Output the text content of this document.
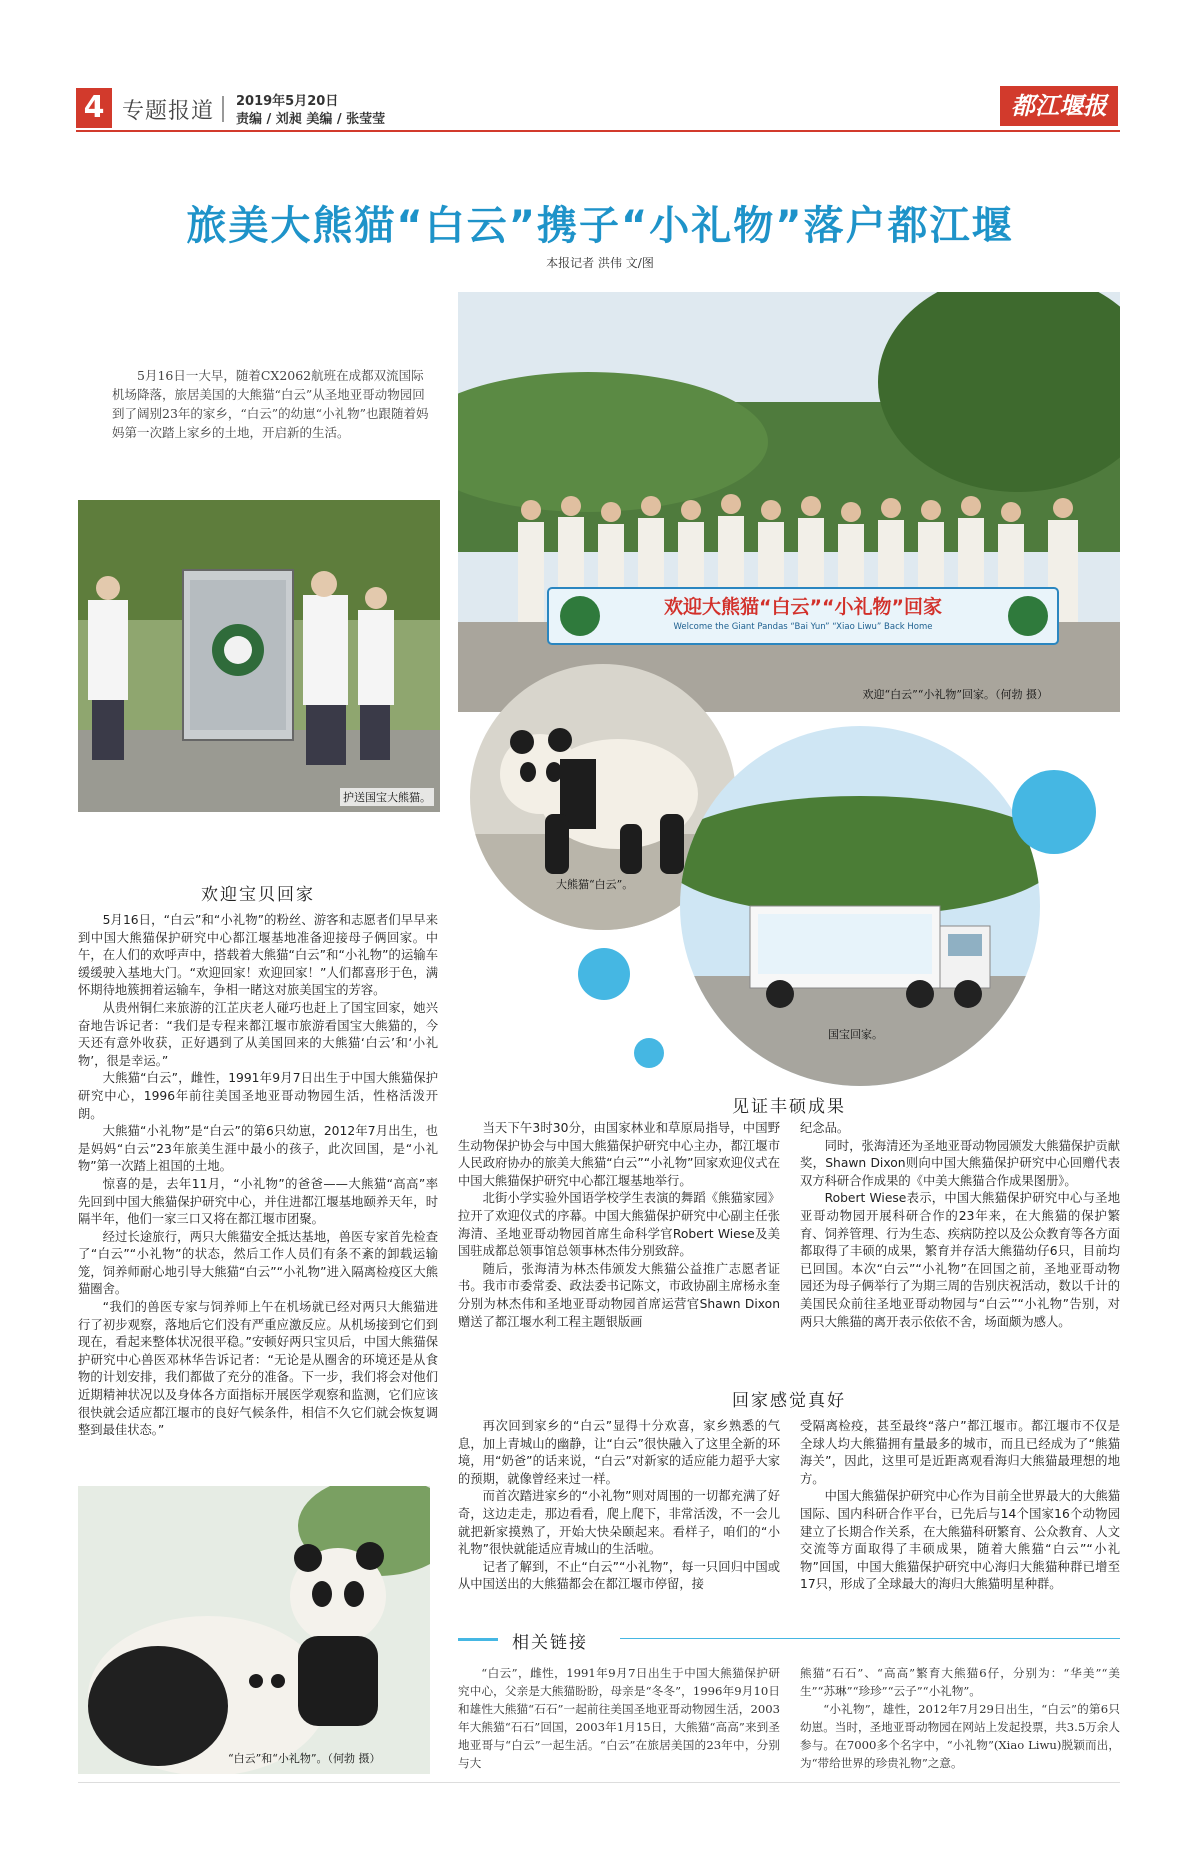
4 专题报道 2019年5月20日
责编 / 刘昶 美编 / 张莹莹	都江堰报
旅美大熊猫“白云”携子“小礼物”落户都江堰
本报记者 洪伟 文/图
5月16日一大早，随着CX2062航班在成都双流国际机场降落，旅居美国的大熊猫“白云”从圣地亚哥动物园回到了阔别23年的家乡，“白云”的幼崽“小礼物”也跟随着妈妈第一次踏上家乡的土地，开启新的生活。
护送国宝大熊猫。
欢迎大熊猫“白云”“小礼物”回家
Welcome the Giant Pandas “Bai Yun” “Xiao Liwu” Back Home
欢迎“白云”“小礼物”回家。（何勃 摄）
大熊猫“白云”。
国宝回家。
欢迎宝贝回家

5月16日，“白云”和“小礼物”的粉丝、游客和志愿者们早早来到中国大熊猫保护研究中心都江堰基地准备迎接母子俩回家。中午，在人们的欢呼声中，搭载着大熊猫“白云”和“小礼物”的运输车缓缓驶入基地大门。“欢迎回家！欢迎回家！”人们都喜形于色，满怀期待地簇拥着运输车，争相一睹这对旅美国宝的芳容。

从贵州铜仁来旅游的江芷庆老人碰巧也赶上了国宝回家，她兴奋地告诉记者：“我们是专程来都江堰市旅游看国宝大熊猫的，今天还有意外收获，正好遇到了从美国回来的大熊猫‘白云’和‘小礼物’，很是幸运。”

大熊猫“白云”，雌性，1991年9月7日出生于中国大熊猫保护研究中心，1996年前往美国圣地亚哥动物园生活，性格活泼开朗。

大熊猫“小礼物”是“白云”的第6只幼崽，2012年7月出生，也是妈妈“白云”23年旅美生涯中最小的孩子，此次回国，是“小礼物”第一次踏上祖国的土地。

惊喜的是，去年11月，“小礼物”的爸爸——大熊猫“高高”率先回到中国大熊猫保护研究中心，并住进都江堰基地颐养天年，时隔半年，他们一家三口又将在都江堰市团聚。

经过长途旅行，两只大熊猫安全抵达基地，兽医专家首先检查了“白云”“小礼物”的状态，然后工作人员们有条不紊的卸载运输笼，饲养师耐心地引导大熊猫“白云”“小礼物”进入隔离检疫区大熊猫圈舍。

“我们的兽医专家与饲养师上午在机场就已经对两只大熊猫进行了初步观察，落地后它们没有严重应激反应。从机场接到它们到现在，看起来整体状况很平稳。”安顿好两只宝贝后，中国大熊猫保护研究中心兽医邓林华告诉记者：“无论是从圈舍的环境还是从食物的计划安排，我们都做了充分的准备。下一步，我们将会对他们近期精神状况以及身体各方面指标开展医学观察和监测，它们应该很快就会适应都江堰市的良好气候条件，相信不久它们就会恢复调整到最佳状态。”

“白云”和“小礼物”。（何勃 摄）
见证丰硕成果

当天下午3时30分，由国家林业和草原局指导，中国野生动物保护协会与中国大熊猫保护研究中心主办，都江堰市人民政府协办的旅美大熊猫“白云”“小礼物”回家欢迎仪式在中国大熊猫保护研究中心都江堰基地举行。

北街小学实验外国语学校学生表演的舞蹈《熊猫家园》拉开了欢迎仪式的序幕。中国大熊猫保护研究中心副主任张海清、圣地亚哥动物园首席生命科学官Robert Wiese及美国驻成都总领事馆总领事林杰伟分别致辞。

随后，张海清为林杰伟颁发大熊猫公益推广志愿者证书。我市市委常委、政法委书记陈文，市政协副主席杨永奎分别为林杰伟和圣地亚哥动物园首席运营官Shawn Dixon赠送了都江堰水利工程主题银版画

纪念品。

同时，张海清还为圣地亚哥动物园颁发大熊猫保护贡献奖，Shawn Dixon则向中国大熊猫保护研究中心回赠代表双方科研合作成果的《中美大熊猫合作成果图册》。

Robert Wiese表示，中国大熊猫保护研究中心与圣地亚哥动物园开展科研合作的23年来，在大熊猫的保护繁育、饲养管理、行为生态、疾病防控以及公众教育等各方面都取得了丰硕的成果，繁育并存活大熊猫幼仔6只，目前均已回国。本次“白云”“小礼物”在回国之前，圣地亚哥动物园还为母子俩举行了为期三周的告别庆祝活动，数以千计的美国民众前往圣地亚哥动物园与“白云”“小礼物”告别，对两只大熊猫的离开表示依依不舍，场面颇为感人。

回家感觉真好

再次回到家乡的“白云”显得十分欢喜，家乡熟悉的气息，加上青城山的幽静，让“白云”很快融入了这里全新的环境，用“奶爸”的话来说，“白云”对新家的适应能力超乎大家的预期，就像曾经来过一样。

而首次踏进家乡的“小礼物”则对周围的一切都充满了好奇，这边走走，那边看看，爬上爬下，非常活泼，不一会儿就把新家摸熟了，开始大快朵颐起来。看样子，咱们的“小礼物”很快就能适应青城山的生活啦。

记者了解到，不止“白云”“小礼物”，每一只回归中国或从中国送出的大熊猫都会在都江堰市停留，接

受隔离检疫，甚至最终“落户”都江堰市。都江堰市不仅是全球人均大熊猫拥有量最多的城市，而且已经成为了“熊猫海关”，因此，这里可是近距离观看海归大熊猫最理想的地方。

中国大熊猫保护研究中心作为目前全世界最大的大熊猫国际、国内科研合作平台，已先后与14个国家16个动物园建立了长期合作关系，在大熊猫科研繁育、公众教育、人文交流等方面取得了丰硕成果，随着大熊猫“白云”“小礼物”回国，中国大熊猫保护研究中心海归大熊猫种群已增至17只，形成了全球最大的海归大熊猫明星种群。

相关链接

“白云”，雌性，1991年9月7日出生于中国大熊猫保护研究中心，父亲是大熊猫盼盼，母亲是“冬冬”，1996年9月10日和雄性大熊猫“石石”一起前往美国圣地亚哥动物园生活，2003年大熊猫“石石”回国，2003年1月15日，大熊猫“高高”来到圣地亚哥与“白云”一起生活。“白云”在旅居美国的23年中，分别与大

熊猫“石石”、“高高”繁育大熊猫6仔，分别为：“华美”“美生”“苏琳”“珍珍”“云子”“小礼物”。

“小礼物”，雄性，2012年7月29日出生，“白云”的第6只幼崽。当时，圣地亚哥动物园在网站上发起投票，共3.5万余人参与。在7000多个名字中，“小礼物”(Xiao Liwu)脱颖而出，为“带给世界的珍贵礼物”之意。
